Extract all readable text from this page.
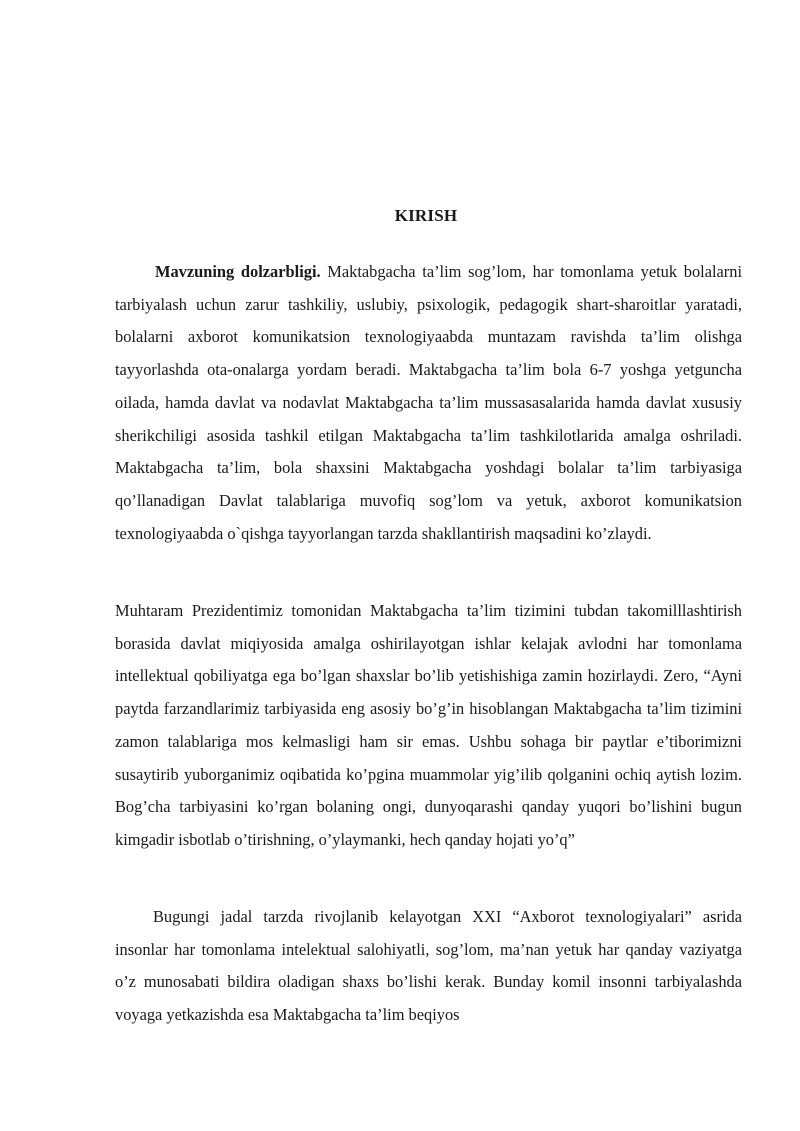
KIRISH

Mavzuning dolzarbligi. Maktabgacha ta’lim sog’lom, har tomonlama yetuk bolalarni tarbiyalash uchun zarur tashkiliy, uslubiy, psixologik, pedagogik shart-sharoitlar yaratadi, bolalarni axborot komunikatsion texnologiyaabda muntazam ravishda ta’lim olishga tayyorlashda ota-onalarga yordam beradi. Maktabgacha ta’lim bola 6-7 yoshga yetguncha oilada, hamda davlat va nodavlat Maktabgacha ta’lim mussasasalarida hamda davlat xususiy sherikchiligi asosida tashkil etilgan Maktabgacha ta’lim tashkilotlarida amalga oshriladi. Maktabgacha ta’lim, bola shaxsini Maktabgacha yoshdagi bolalar ta’lim tarbiyasiga qo’llanadigan Davlat talablariga muvofiq sog’lom va yetuk, axborot komunikatsion texnologiyaabda o`qishga tayyorlangan tarzda shakllantirish maqsadini ko’zlaydi.

Muhtaram Prezidentimiz tomonidan Maktabgacha ta’lim tizimini tubdan takomilllashtirish borasida davlat miqiyosida amalga oshirilayotgan ishlar kelajak avlodni har tomonlama intellektual qobiliyatga ega bo’lgan shaxslar bo’lib yetishishiga zamin hozirlaydi. Zero, “Ayni paytda farzandlarimiz tarbiyasida eng asosiy bo’g’in hisoblangan Maktabgacha ta’lim tizimini zamon talablariga mos kelmasligi ham sir emas. Ushbu sohaga bir paytlar e’tiborimizni susaytirib yuborganimiz oqibatida ko’pgina muammolar yig’ilib qolganini ochiq aytish lozim. Bog’cha tarbiyasini ko’rgan bolaning ongi, dunyoqarashi qanday yuqori bo’lishini bugun kimgadir isbotlab o’tirishning, o’ylaymanki, hech qanday hojati yo’q”

Bugungi jadal tarzda rivojlanib kelayotgan XXI “Axborot texnologiyalari” asrida insonlar har tomonlama intelektual salohiyatli, sog’lom, ma’nan yetuk har qanday vaziyatga o’z munosabati bildira oladigan shaxs bo’lishi kerak. Bunday komil insonni tarbiyalashda voyaga yetkazishda esa Maktabgacha ta’lim beqiyos
